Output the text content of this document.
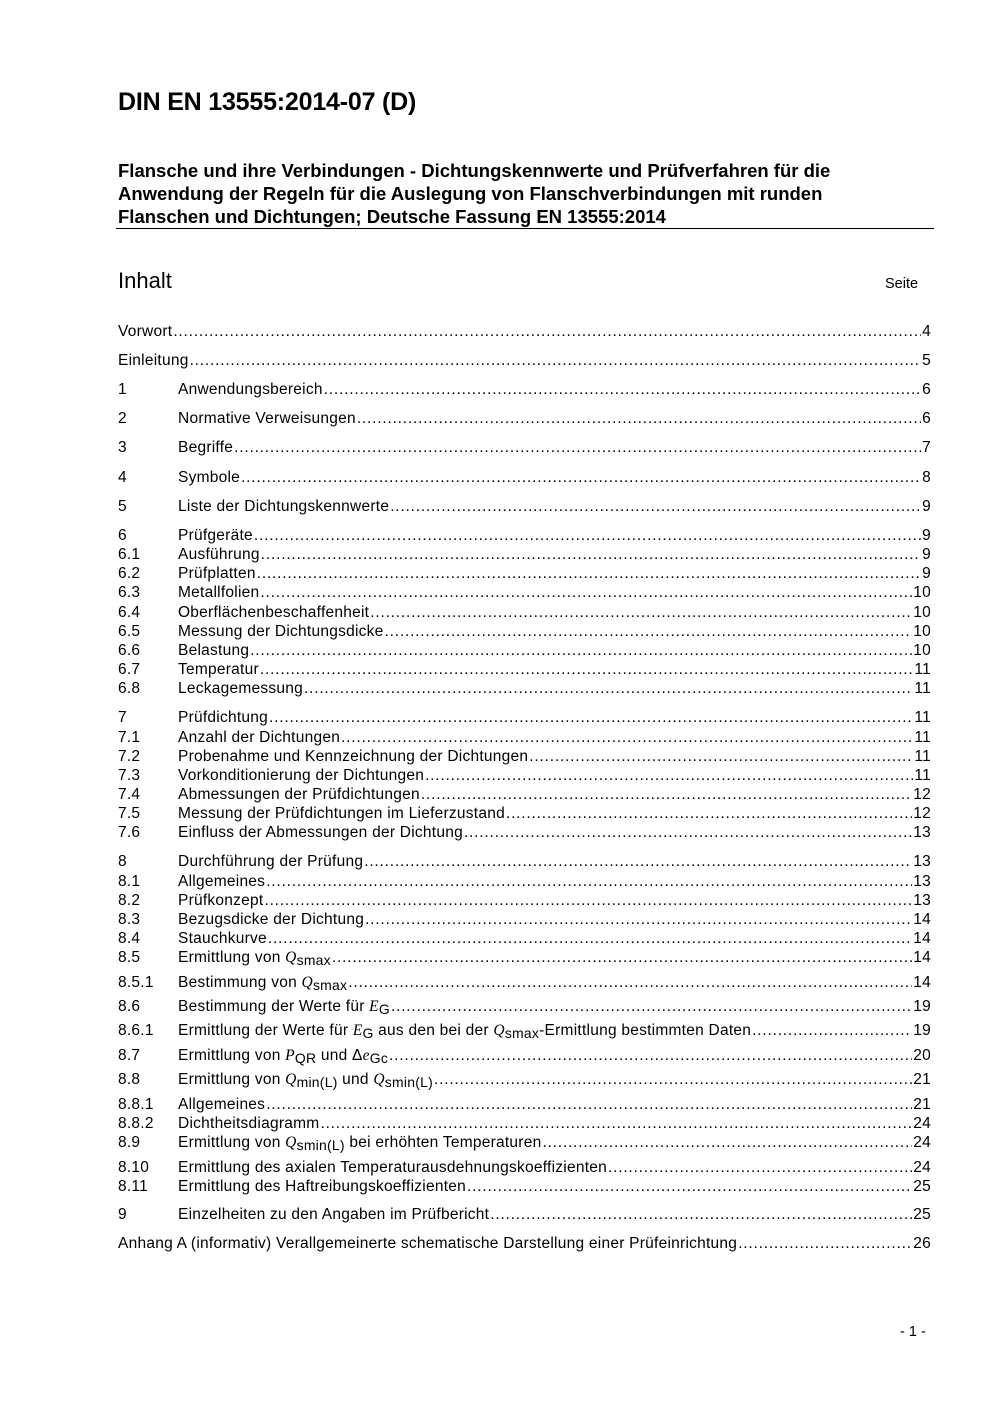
DIN EN 13555:2014-07 (D)
Flansche und ihre Verbindungen - Dichtungskennwerte und Prüfverfahren für die
Anwendung der Regeln für die Auslegung von Flanschverbindungen mit runden
Flanschen und Dichtungen; Deutsche Fassung EN 13555:2014
Inhalt	Seite
Vorwort .....	4
Einleitung .....	5
1	Anwendungsbereich .....	6
2	Normative Verweisungen .....	6
3	Begriffe .....	7
4	Symbole .....	8
5	Liste der Dichtungskennwerte .....	9
6	Prüfgeräte .....	9
6.1	Ausführung .....	9
6.2	Prüfplatten .....	9
6.3	Metallfolien .....	10
6.4	Oberflächenbeschaffenheit .....	10
6.5	Messung der Dichtungsdicke .....	10
6.6	Belastung .....	10
6.7	Temperatur .....	11
6.8	Leckagemessung .....	11
7	Prüfdichtung .....	11
7.1	Anzahl der Dichtungen .....	11
7.2	Probenahme und Kennzeichnung der Dichtungen .....	11
7.3	Vorkonditionierung der Dichtungen .....	11
7.4	Abmessungen der Prüfdichtungen .....	12
7.5	Messung der Prüfdichtungen im Lieferzustand .....	12
7.6	Einfluss der Abmessungen der Dichtung .....	13
8	Durchführung der Prüfung .....	13
8.1	Allgemeines .....	13
8.2	Prüfkonzept .....	13
8.3	Bezugsdicke der Dichtung .....	14
8.4	Stauchkurve .....	14
8.5	Ermittlung von Qsmax .....	14
8.5.1	Bestimmung von Qsmax .....	14
8.6	Bestimmung der Werte für EG .....	19
8.6.1	Ermittlung der Werte für EG aus den bei der Qsmax-Ermittlung bestimmten Daten .....	19
8.7	Ermittlung von PQR und ΔeGc .....	20
8.8	Ermittlung von Qmin(L) und Qsmin(L) .....	21
8.8.1	Allgemeines .....	21
8.8.2	Dichtheitsdiagramm .....	24
8.9	Ermittlung von Qsmin(L) bei erhöhten Temperaturen .....	24
8.10	Ermittlung des axialen Temperaturausdehnungskoeffizienten .....	24
8.11	Ermittlung des Haftreibungskoeffizienten .....	25
9	Einzelheiten zu den Angaben im Prüfbericht .....	25
Anhang A (informativ) Verallgemeinerte schematische Darstellung einer Prüfeinrichtung .....	26
- 1 -
